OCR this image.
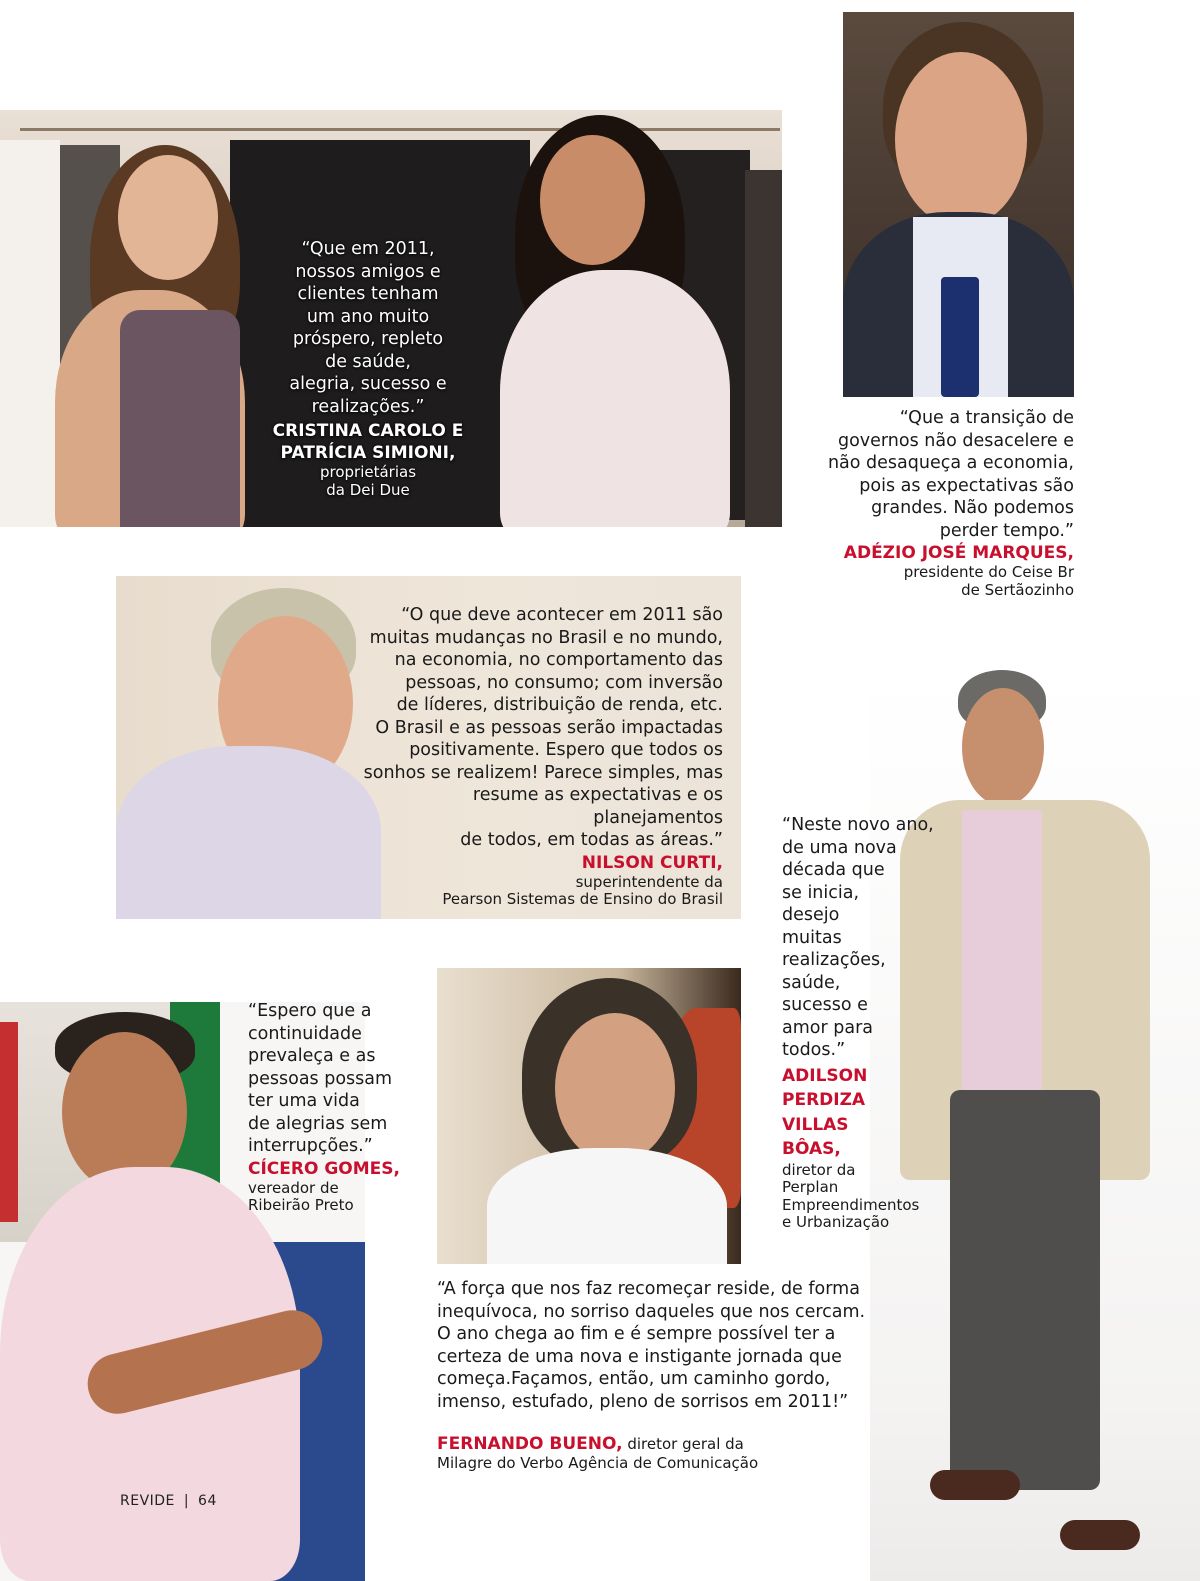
“Que em 2011,
nossos amigos e
clientes tenham
um ano muito
próspero, repleto
de saúde,
alegria, sucesso e
realizações.”
CRISTINA CAROLO E
PATRÍCIA SIMIONI,
proprietárias
da Dei Due
“Que a transição de
governos não desacelere e
não desaqueça a economia,
pois as expectativas são
grandes. Não podemos
perder tempo.”
ADÉZIO JOSÉ MARQUES,
presidente do Ceise Br
de Sertãozinho
“O que deve acontecer em 2011 são
muitas mudanças no Brasil e no mundo,
na economia, no comportamento das
pessoas, no consumo; com inversão
de líderes, distribuição de renda, etc.
O Brasil e as pessoas serão impactadas
positivamente. Espero que todos os
sonhos se realizem! Parece simples, mas
resume as expectativas e os planejamentos
de todos, em todas as áreas.”
NILSON CURTI,
superintendente da
Pearson Sistemas de Ensino do Brasil
“Neste novo ano,
de uma nova
década que
se inicia,
desejo
muitas
realizações,
saúde,
sucesso e
amor para
todos.”
ADILSON
PERDIZA
VILLAS
BÔAS,
diretor da
Perplan
Empreendimentos
e Urbanização
“Espero que a
continuidade
prevaleça e as
pessoas possam
ter uma vida
de alegrias sem
interrupções.”
CÍCERO GOMES,
vereador de
Ribeirão Preto
“A força que nos faz recomeçar reside, de forma
inequívoca, no sorriso daqueles que nos cercam.
O ano chega ao fim e é sempre possível ter a
certeza de uma nova e instigante jornada que
começa.Façamos, então, um caminho gordo,
imenso, estufado, pleno de sorrisos em 2011!”

FERNANDO BUENO, diretor geral da

Milagre do Verbo Agência de Comunicação
REVIDE | 64
